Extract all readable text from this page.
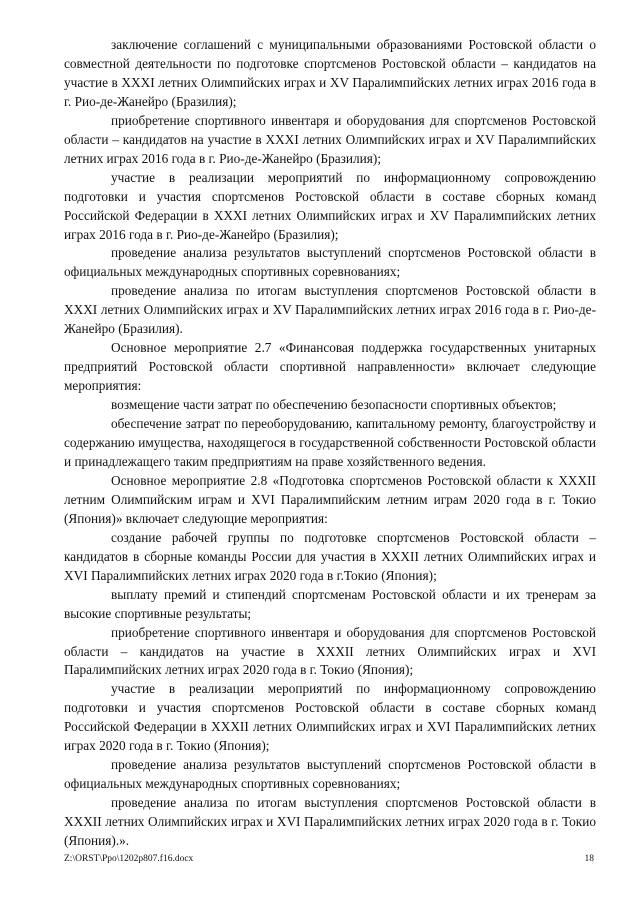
заключение соглашений с муниципальными образованиями Ростовской области о совместной деятельности по подготовке спортсменов Ростовской области – кандидатов на участие в XXXI летних Олимпийских играх и XV Паралимпийских летних играх 2016 года в г. Рио-де-Жанейро (Бразилия);

приобретение спортивного инвентаря и оборудования для спортсменов Ростовской области – кандидатов на участие в XXXI летних Олимпийских играх и XV Паралимпийских летних играх 2016 года в г. Рио-де-Жанейро (Бразилия);

участие в реализации мероприятий по информационному сопровождению подготовки и участия спортсменов Ростовской области в составе сборных команд Российской Федерации в XXXI летних Олимпийских играх и XV Паралимпийских летних играх 2016 года в г. Рио-де-Жанейро (Бразилия);

проведение анализа результатов выступлений спортсменов Ростовской области в официальных международных спортивных соревнованиях;

проведение анализа по итогам выступления спортсменов Ростовской области в XXXI летних Олимпийских играх и XV Паралимпийских летних играх 2016 года в г. Рио-де-Жанейро (Бразилия).

Основное мероприятие 2.7 «Финансовая поддержка государственных унитарных предприятий Ростовской области спортивной направленности» включает следующие мероприятия:

возмещение части затрат по обеспечению безопасности спортивных объектов;

обеспечение затрат по переоборудованию, капитальному ремонту, благоустройству и содержанию имущества, находящегося в государственной собственности Ростовской области и принадлежащего таким предприятиям на праве хозяйственного ведения.

Основное мероприятие 2.8 «Подготовка спортсменов Ростовской области к XXXII летним Олимпийским играм и XVI Паралимпийским летним играм 2020 года в г. Токио (Япония)» включает следующие мероприятия:

создание рабочей группы по подготовке спортсменов Ростовской области – кандидатов в сборные команды России для участия в XXXII летних Олимпийских играх и XVI Паралимпийских летних играх 2020 года в г.Токио (Япония);

выплату премий и стипендий спортсменам Ростовской области и их тренерам за высокие спортивные результаты;

приобретение спортивного инвентаря и оборудования для спортсменов Ростовской области – кандидатов на участие в XXXII летних Олимпийских играх и XVI Паралимпийских летних играх 2020 года в г. Токио (Япония);

участие в реализации мероприятий по информационному сопровождению подготовки и участия спортсменов Ростовской области в составе сборных команд Российской Федерации в XXXII летних Олимпийских играх и XVI Паралимпийских летних играх 2020 года в г. Токио (Япония);

проведение анализа результатов выступлений спортсменов Ростовской области в официальных международных спортивных соревнованиях;

проведение анализа по итогам выступления спортсменов Ростовской области в XXXII летних Олимпийских играх и XVI Паралимпийских летних играх 2020 года в г. Токио (Япония).».

Z:\ORST\Ppo\1202p807.f16.docx	18
